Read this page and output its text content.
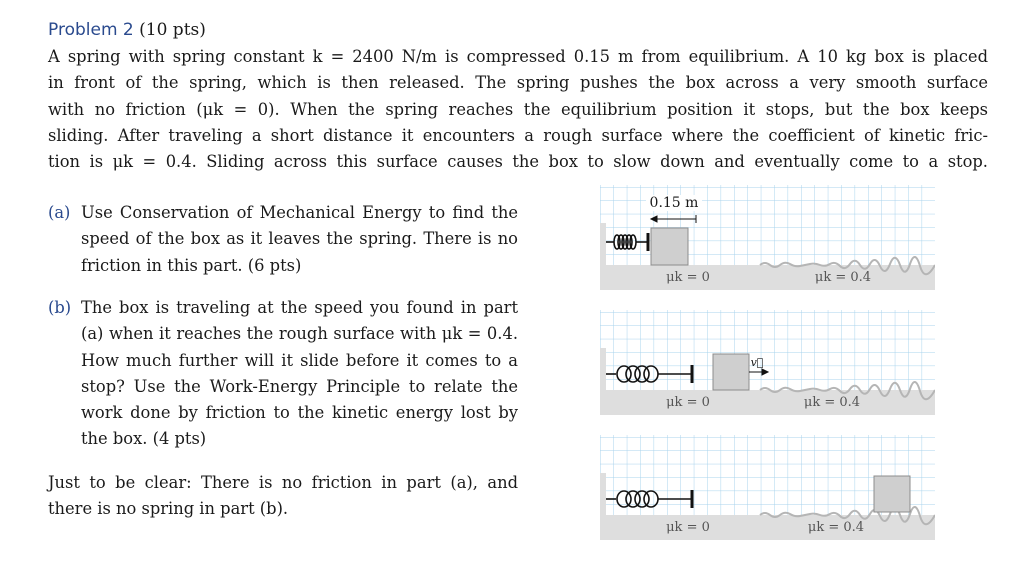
Problem 2 (10 pts)
A spring with spring constant k = 2400 N/m is compressed 0.15 m from equilibrium. A 10 kg box is placed
in front of the spring, which is then released. The spring pushes the box across a very smooth surface
with no friction (μk = 0). When the spring reaches the equilibrium position it stops, but the box keeps
sliding. After traveling a short distance it encounters a rough surface where the coefficient of kinetic fric-
tion is μk = 0.4. Sliding across this surface causes the box to slow down and eventually come to a stop.
(a) Use Conservation of Mechanical Energy to find the
speed of the box as it leaves the spring. There is no
friction in this part. (6 pts)
(b) The box is traveling at the speed you found in part
(a) when it reaches the rough surface with μk = 0.4.
How much further will it slide before it comes to a
stop? Use the Work-Energy Principle to relate the
work done by friction to the kinetic energy lost by
the box. (4 pts)
Just to be clear: There is no friction in part (a), and
there is no spring in part (b).
0.15 m
μk = 0	μk = 0.4
v⃗
μk = 0	μk = 0.4
μk = 0	μk = 0.4
